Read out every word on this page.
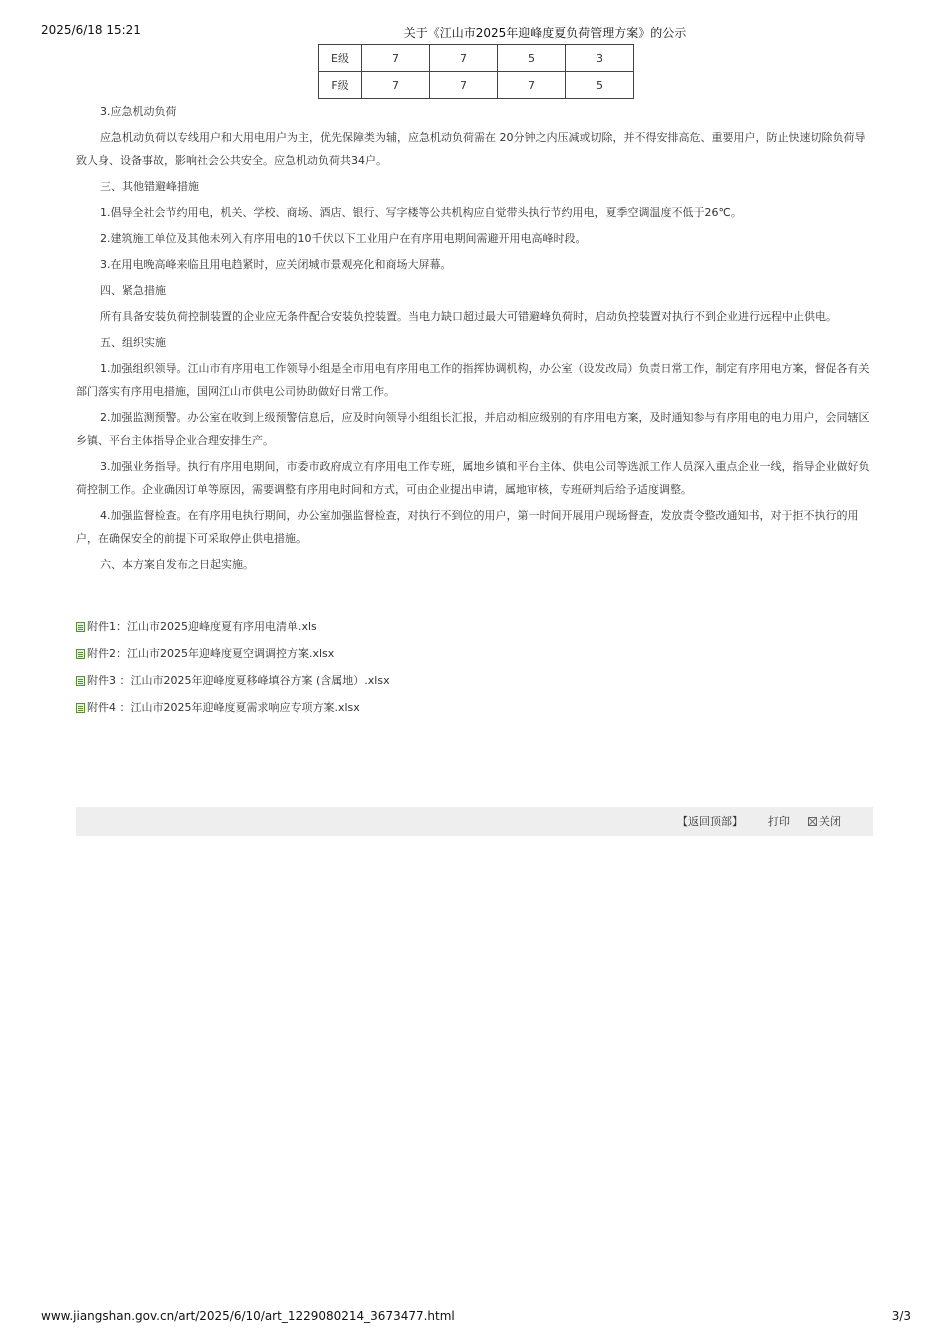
2025/6/18 15:21	关于《江山市2025年迎峰度夏负荷管理方案》的公示
E级	7	7	5	3
F级	7	7	7	5

3.应急机动负荷

应急机动负荷以专线用户和大用电用户为主，优先保障类为辅，应急机动负荷需在 20分钟之内压减或切除，并不得安排高危、重要用户，防止快速切除负荷导致人身、设备事故，影响社会公共安全。应急机动负荷共34户。

三、其他错避峰措施

1.倡导全社会节约用电，机关、学校、商场、酒店、银行、写字楼等公共机构应自觉带头执行节约用电，夏季空调温度不低于26℃。

2.建筑施工单位及其他未列入有序用电的10千伏以下工业用户在有序用电期间需避开用电高峰时段。

3.在用电晚高峰来临且用电趋紧时，应关闭城市景观亮化和商场大屏幕。

四、紧急措施

所有具备安装负荷控制装置的企业应无条件配合安装负控装置。当电力缺口超过最大可错避峰负荷时，启动负控装置对执行不到企业进行远程中止供电。

五、组织实施

1.加强组织领导。江山市有序用电工作领导小组是全市用电有序用电工作的指挥协调机构，办公室（设发改局）负责日常工作，制定有序用电方案，督促各有关部门落实有序用电措施，国网江山市供电公司协助做好日常工作。

2.加强监测预警。办公室在收到上级预警信息后，应及时向领导小组组长汇报，并启动相应级别的有序用电方案，及时通知参与有序用电的电力用户，会同辖区乡镇、平台主体指导企业合理安排生产。

3.加强业务指导。执行有序用电期间，市委市政府成立有序用电工作专班，属地乡镇和平台主体、供电公司等选派工作人员深入重点企业一线，指导企业做好负荷控制工作。企业确因订单等原因，需要调整有序用电时间和方式，可由企业提出申请，属地审核，专班研判后给予适度调整。

4.加强监督检查。在有序用电执行期间，办公室加强监督检查，对执行不到位的用户，第一时间开展用户现场督查，发放责令整改通知书，对于拒不执行的用户，在确保安全的前提下可采取停止供电措施。

六、本方案自发布之日起实施。

附件1：江山市2025迎峰度夏有序用电清单.xls
附件2：江山市2025年迎峰度夏空调调控方案.xlsx
附件3 ：江山市2025年迎峰度夏移峰填谷方案 (含属地）.xlsx
附件4 ：江山市2025年迎峰度夏需求响应专项方案.xlsx
【返回顶部】 打印	关闭
www.jiangshan.gov.cn/art/2025/6/10/art_1229080214_3673477.html	3/3
